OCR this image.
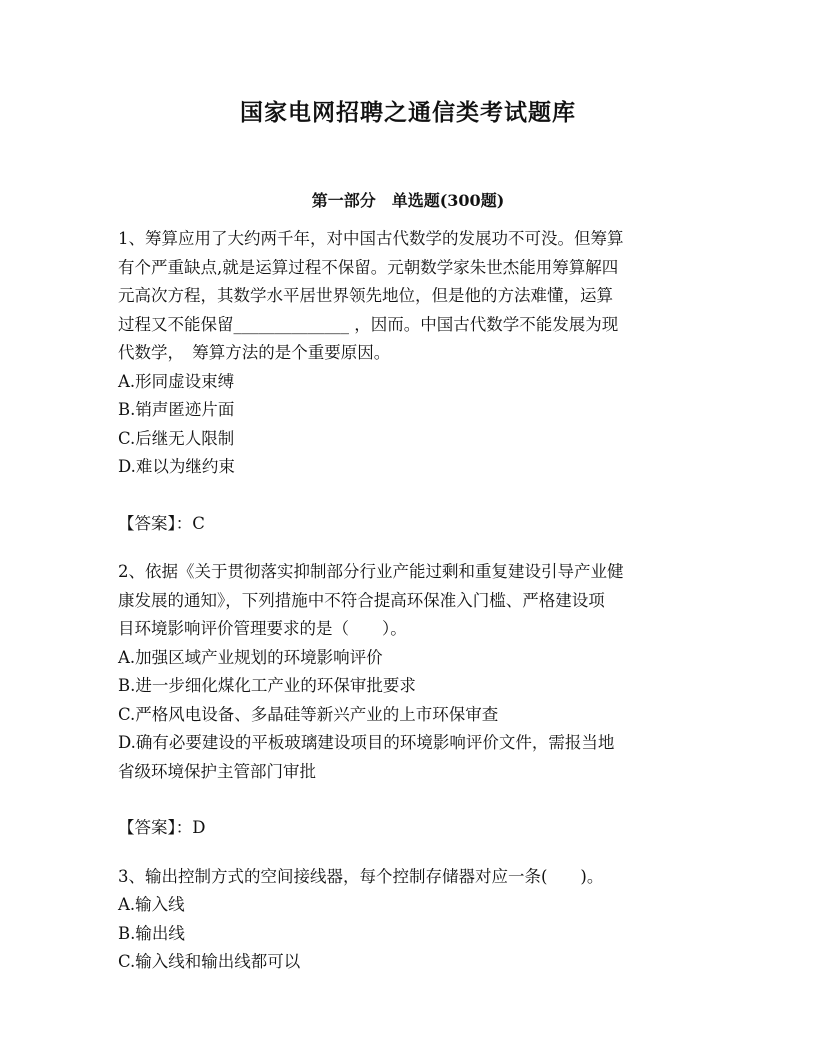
国家电网招聘之通信类考试题库
第一部分　单选题(300题)

1、筹算应用了大约两千年，对中国古代数学的发展功不可没。但筹算

有个严重缺点,就是运算过程不保留。元朝数学家朱世杰能用筹算解四

元高次方程，其数学水平居世界领先地位，但是他的方法难懂，运算

过程又不能保留______________ ，因而。中国古代数学不能发展为现

代数学，　筹算方法的是个重要原因。

A.形同虚设束缚

B.销声匿迹片面

C.后继无人限制

D.难以为继约束

【答案】：C

2、依据《关于贯彻落实抑制部分行业产能过剩和重复建设引导产业健

康发展的通知》，下列措施中不符合提高环保准入门槛、严格建设项

目环境影响评价管理要求的是（　　）。

A.加强区域产业规划的环境影响评价

B.进一步细化煤化工产业的环保审批要求

C.严格风电设备、多晶硅等新兴产业的上市环保审查

D.确有必要建设的平板玻璃建设项目的环境影响评价文件，需报当地

省级环境保护主管部门审批

【答案】：D

3、输出控制方式的空间接线器，每个控制存储器对应一条(　　)。

A.输入线

B.输出线

C.输入线和输出线都可以
